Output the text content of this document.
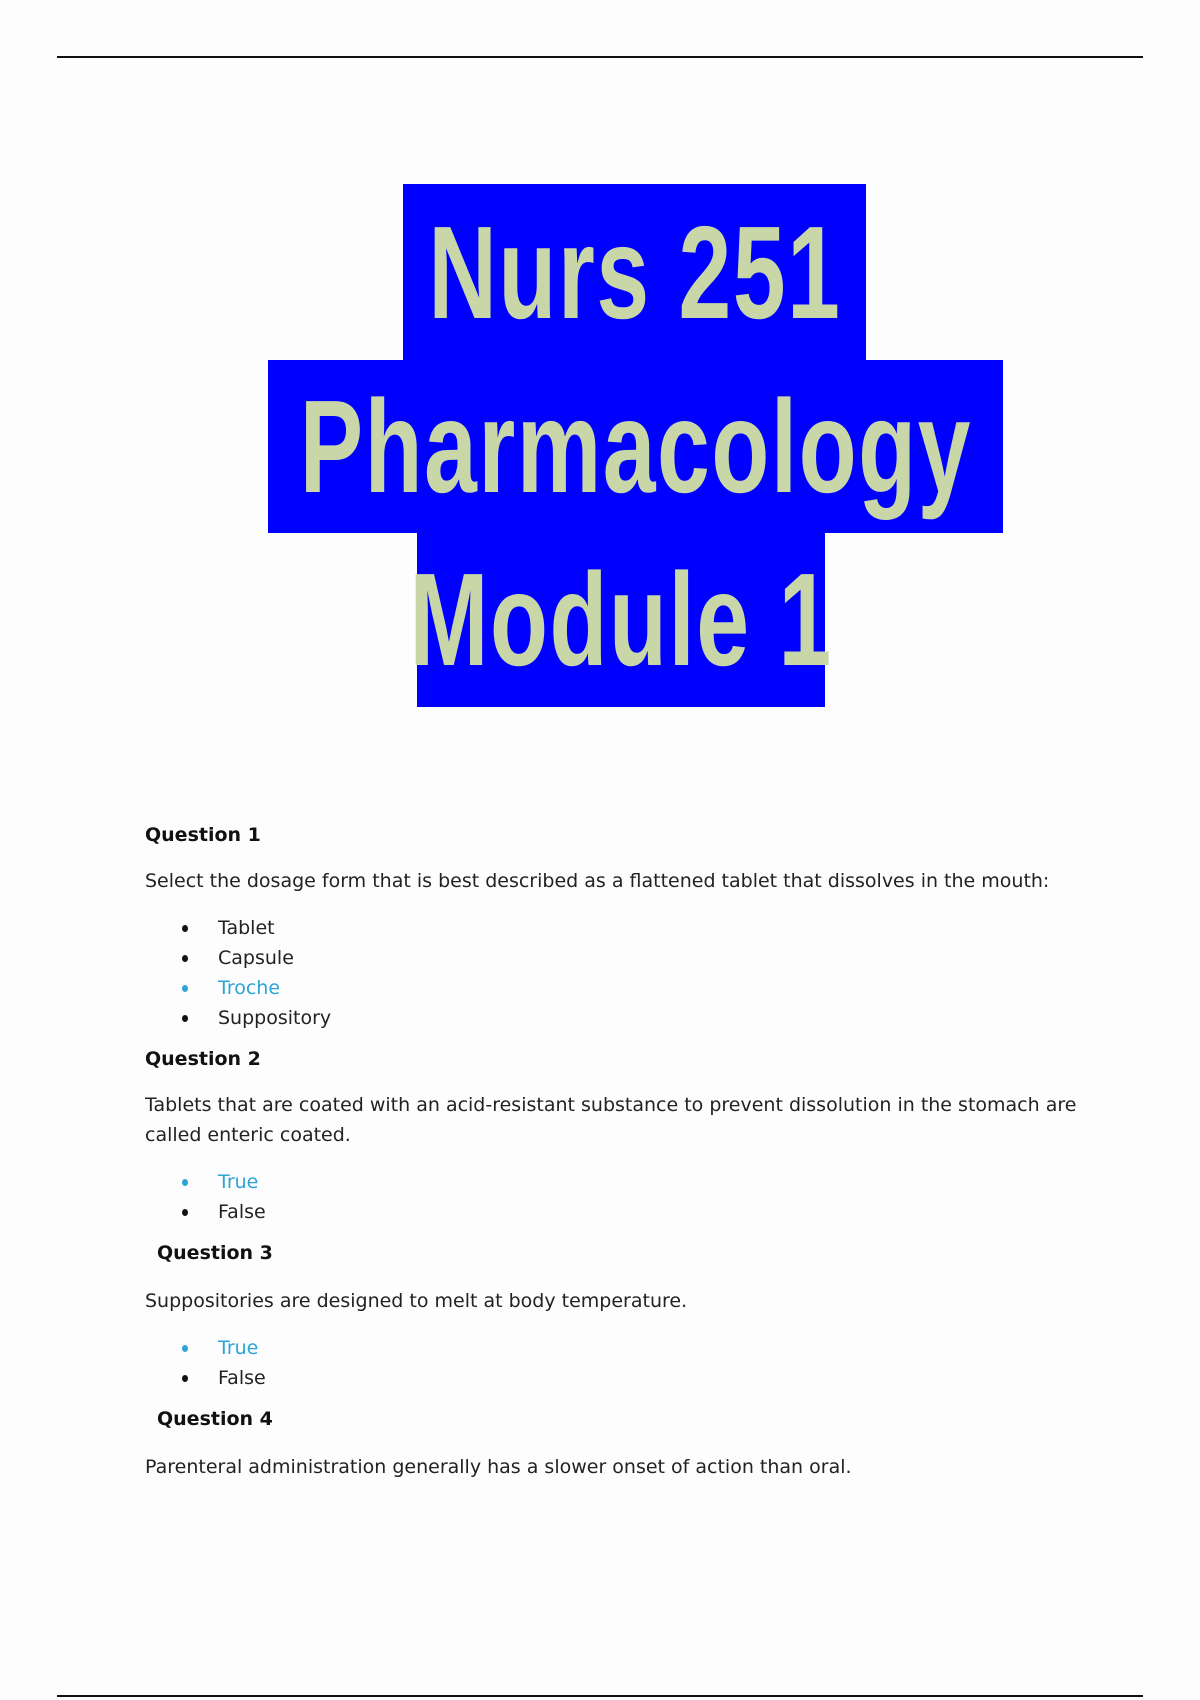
Nurs 251
Pharmacology
Module 1
Question 1
Select the dosage form that is best described as a flattened tablet that dissolves in the mouth:
Tablet
Capsule
Troche
Suppository
Question 2
Tablets that are coated with an acid-resistant substance to prevent dissolution in the stomach are called enteric coated.
True
False
Question 3
Suppositories are designed to melt at body temperature.
True
False
Question 4
Parenteral administration generally has a slower onset of action than oral.
